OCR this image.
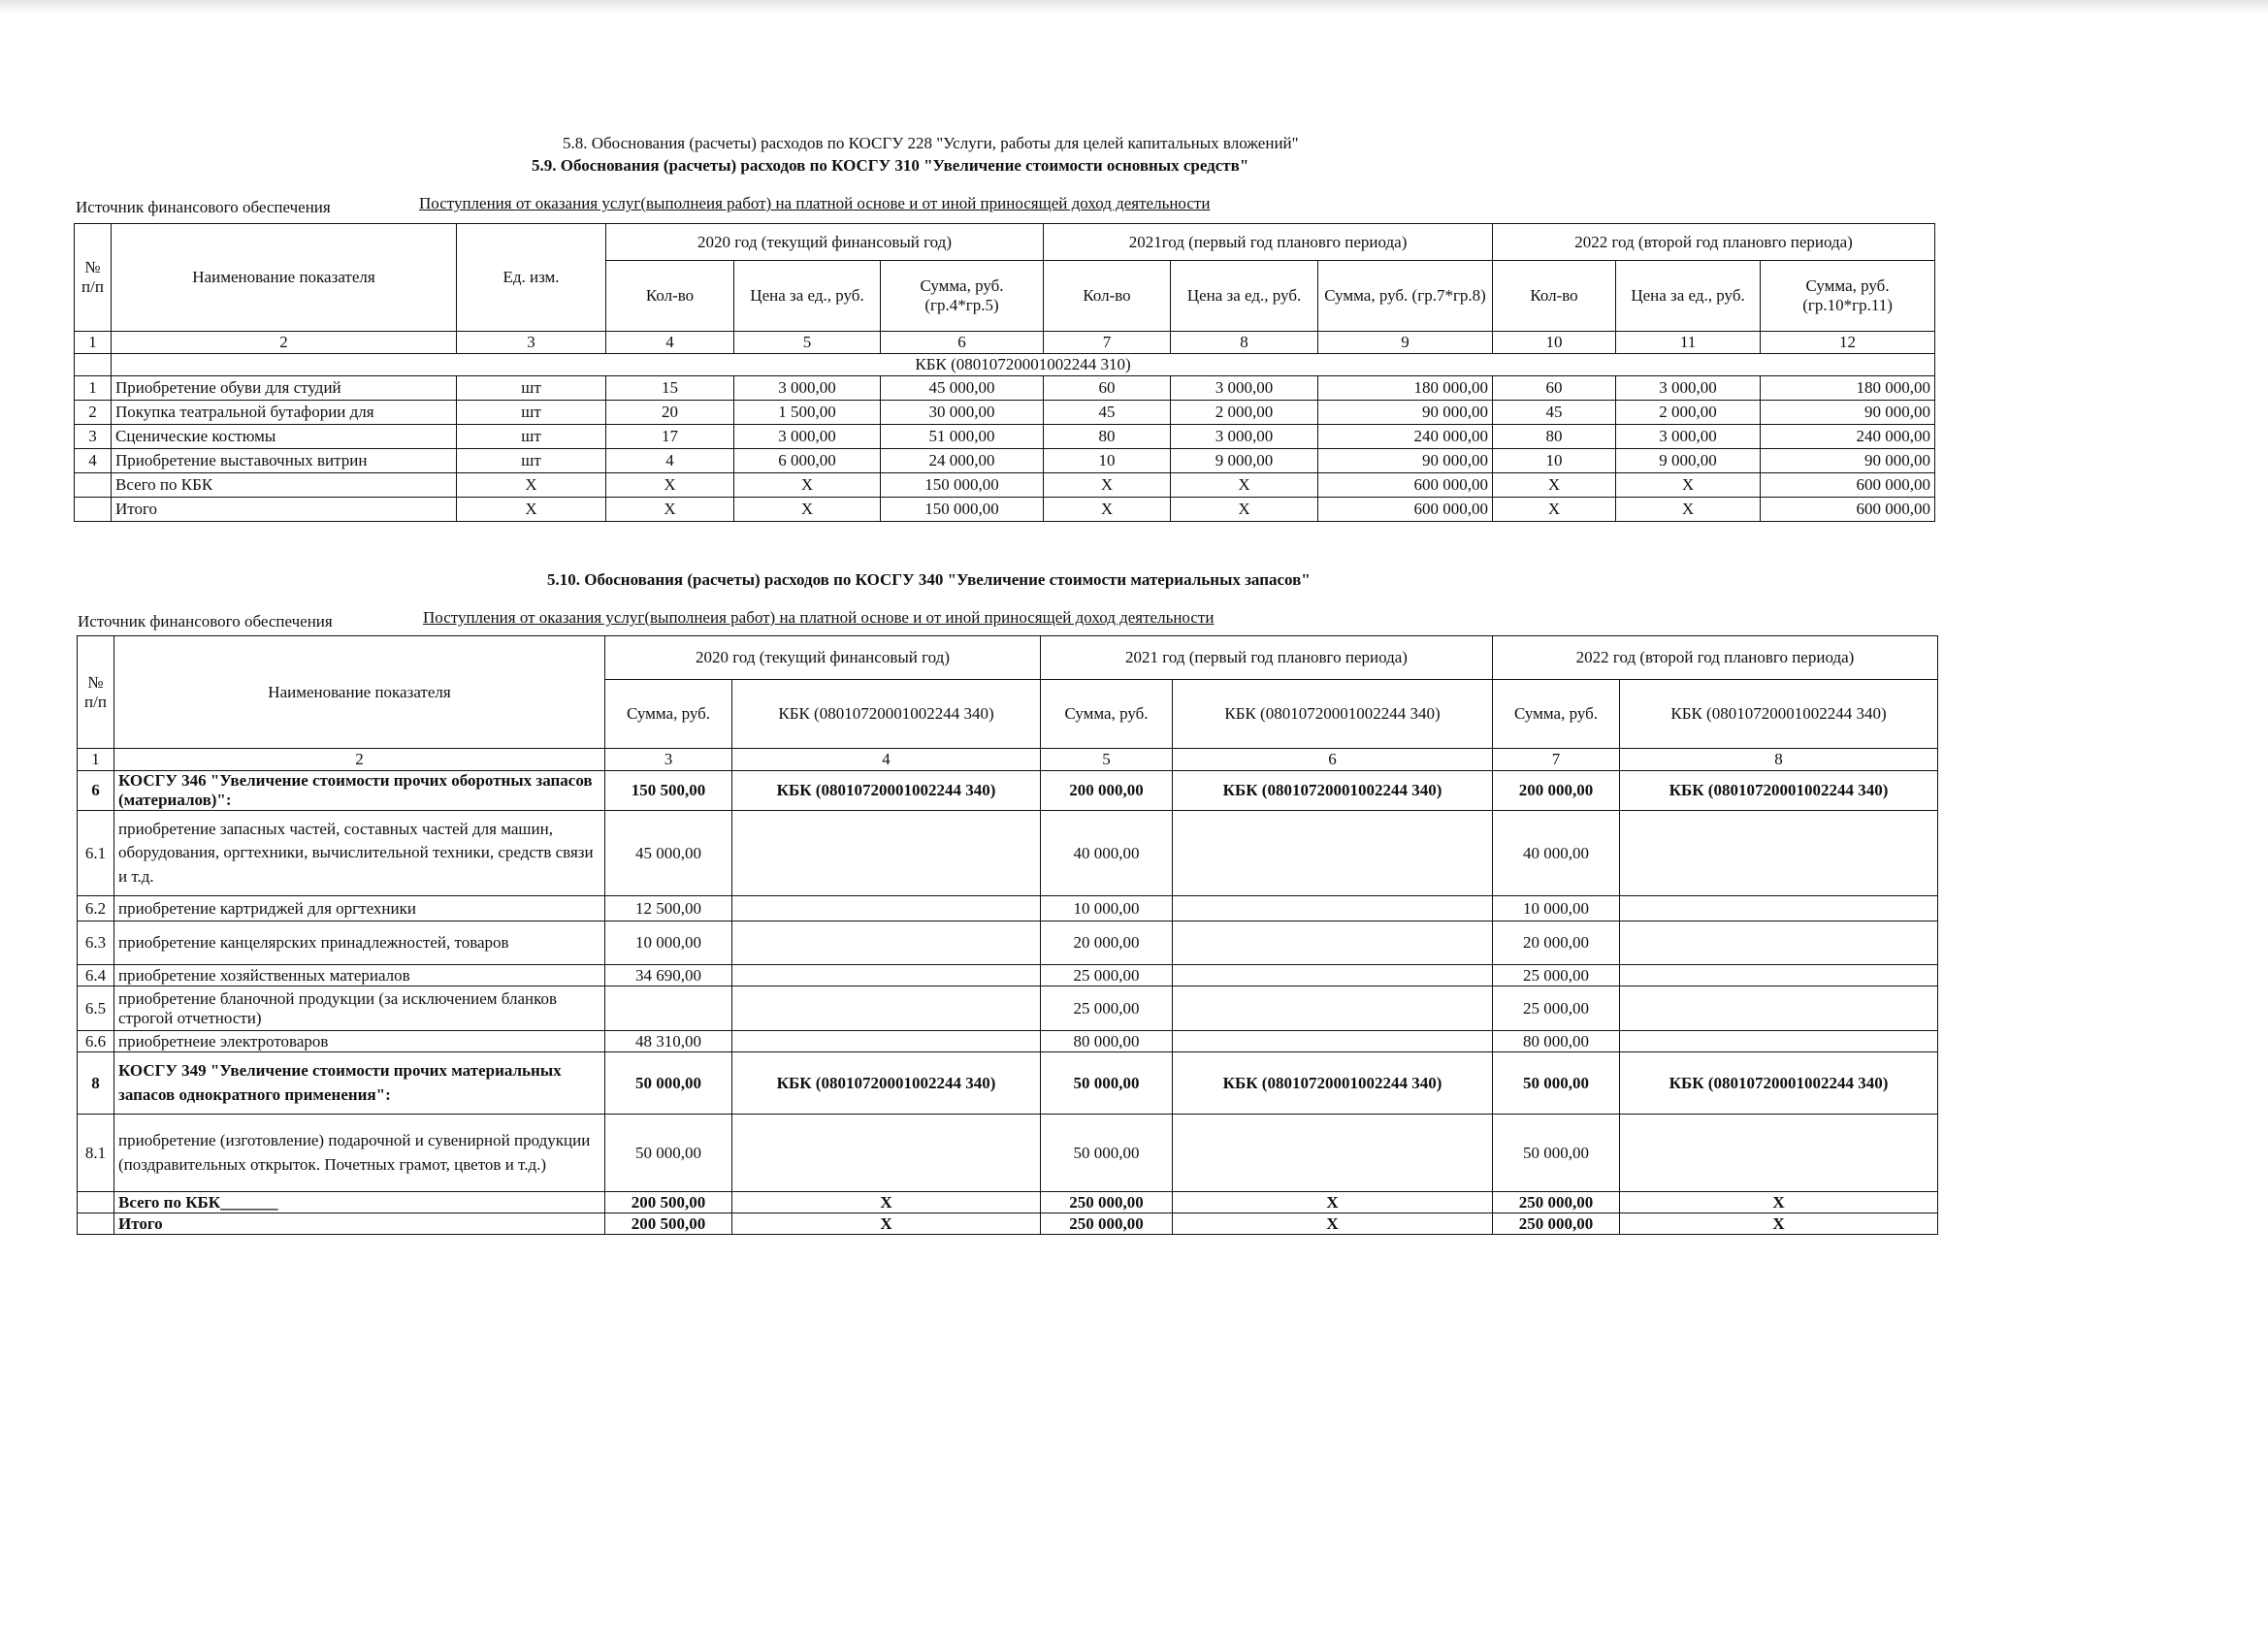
5.8. Обоснования (расчеты) расходов по КОСГУ 228 "Услуги, работы для целей капитальных вложений"
5.9. Обоснования (расчеты) расходов по КОСГУ 310 "Увеличение стоимости основных средств"
Источник финансового обеспечения	Поступления от оказания услуг(выполнеия работ) на платной основе и от иной приносящей доход деятельности
№ п/п	Наименование показателя	Ед. изм.	2020 год (текущий финансовый год)			2021год (первый год плановго периода)			2022 год (второй год плановго периода)		
			Кол-во	Цена за ед., руб.	Сумма, руб. (гр.4*гр.5)	Кол-во	Цена за ед., руб.	Сумма, руб. (гр.7*гр.8)	Кол-во	Цена за ед., руб.	Сумма, руб. (гр.10*гр.11)
1	2	3	4	5	6	7	8	9	10	11	12
	КБК (08010720001002244 310)										
1	Приобретение обуви для студий	шт	15	3 000,00	45 000,00	60	3 000,00	180 000,00	60	3 000,00	180 000,00
2	Покупка театральной бутафории для	шт	20	1 500,00	30 000,00	45	2 000,00	90 000,00	45	2 000,00	90 000,00
3	Сценические костюмы	шт	17	3 000,00	51 000,00	80	3 000,00	240 000,00	80	3 000,00	240 000,00
4	Приобретение выставочных витрин	шт	4	6 000,00	24 000,00	10	9 000,00	90 000,00	10	9 000,00	90 000,00
	Всего по КБК	Х	Х	Х	150 000,00	Х	Х	600 000,00	Х	Х	600 000,00
	Итого	Х	Х	Х	150 000,00	Х	Х	600 000,00	Х	Х	600 000,00
5.10. Обоснования (расчеты) расходов по КОСГУ 340 "Увеличение стоимости материальных запасов"
Источник финансового обеспечения	Поступления от оказания услуг(выполнеия работ) на платной основе и от иной приносящей доход деятельности
№ п/п	Наименование показателя	2020 год (текущий финансовый год)		2021 год (первый год плановго периода)		2022 год (второй год плановго периода)	
		Сумма, руб.	КБК (08010720001002244 340)	Сумма, руб.	КБК (08010720001002244 340)	Сумма, руб.	КБК (08010720001002244 340)
1	2	3	4	5	6	7	8
6	КОСГУ 346 "Увеличение стоимости прочих оборотных запасов (материалов)":	150 500,00	КБК (08010720001002244 340)	200 000,00	КБК (08010720001002244 340)	200 000,00	КБК (08010720001002244 340)
6.1	приобретение запасных частей, составных частей для машин, оборудования, оргтехники, вычислительной техники, средств связи и т.д.	45 000,00		40 000,00		40 000,00	
6.2	приобретение картриджей для оргтехники	12 500,00		10 000,00		10 000,00	
6.3	приобретение канцелярских принадлежностей, товаров	10 000,00		20 000,00		20 000,00	
6.4	приобретение хозяйственных материалов	34 690,00		25 000,00		25 000,00	
6.5	приобретение бланочной продукции (за исключением бланков строгой отчетности)			25 000,00		25 000,00	
6.6	приобретнеие электротоваров	48 310,00		80 000,00		80 000,00	
8	КОСГУ 349 "Увеличение стоимости прочих материальных запасов однократного применения":	50 000,00	КБК (08010720001002244 340)	50 000,00	КБК (08010720001002244 340)	50 000,00	КБК (08010720001002244 340)
8.1	приобретение (изготовление) подарочной и сувенирной продукции (поздравительных открыток. Почетных грамот, цветов и т.д.)	50 000,00		50 000,00		50 000,00	
	Всего по КБК_______	200 500,00	Х	250 000,00	Х	250 000,00	Х
	Итого	200 500,00	Х	250 000,00	Х	250 000,00	Х
